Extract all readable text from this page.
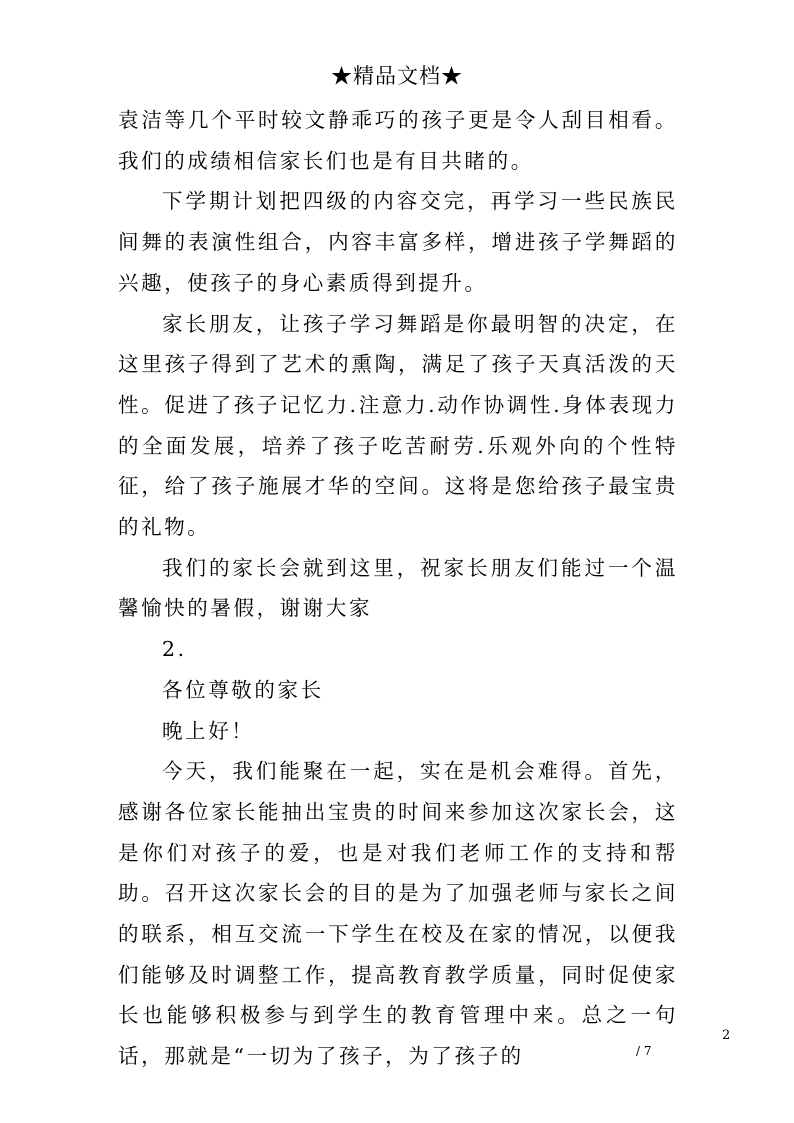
★精品文档★

袁洁等几个平时较文静乖巧的孩子更是令人刮目相看。我们的成绩相信家长们也是有目共睹的。

下学期计划把四级的内容交完，再学习一些民族民间舞的表演性组合，内容丰富多样，增进孩子学舞蹈的兴趣，使孩子的身心素质得到提升。

家长朋友，让孩子学习舞蹈是你最明智的决定，在这里孩子得到了艺术的熏陶，满足了孩子天真活泼的天性。促进了孩子记忆力.注意力.动作协调性.身体表现力的全面发展，培养了孩子吃苦耐劳.乐观外向的个性特征，给了孩子施展才华的空间。这将是您给孩子最宝贵的礼物。

我们的家长会就到这里，祝家长朋友们能过一个温馨愉快的暑假，谢谢大家

2.

各位尊敬的家长

晚上好！

今天，我们能聚在一起，实在是机会难得。首先，感谢各位家长能抽出宝贵的时间来参加这次家长会，这是你们对孩子的爱，也是对我们老师工作的支持和帮助。召开这次家长会的目的是为了加强老师与家长之间的联系，相互交流一下学生在校及在家的情况，以便我们能够及时调整工作，提高教育教学质量，同时促使家长也能够积极参与到学生的教育管理中来。总之一句话，那就是“一切为了孩子，为了孩子的

2
/ 7
